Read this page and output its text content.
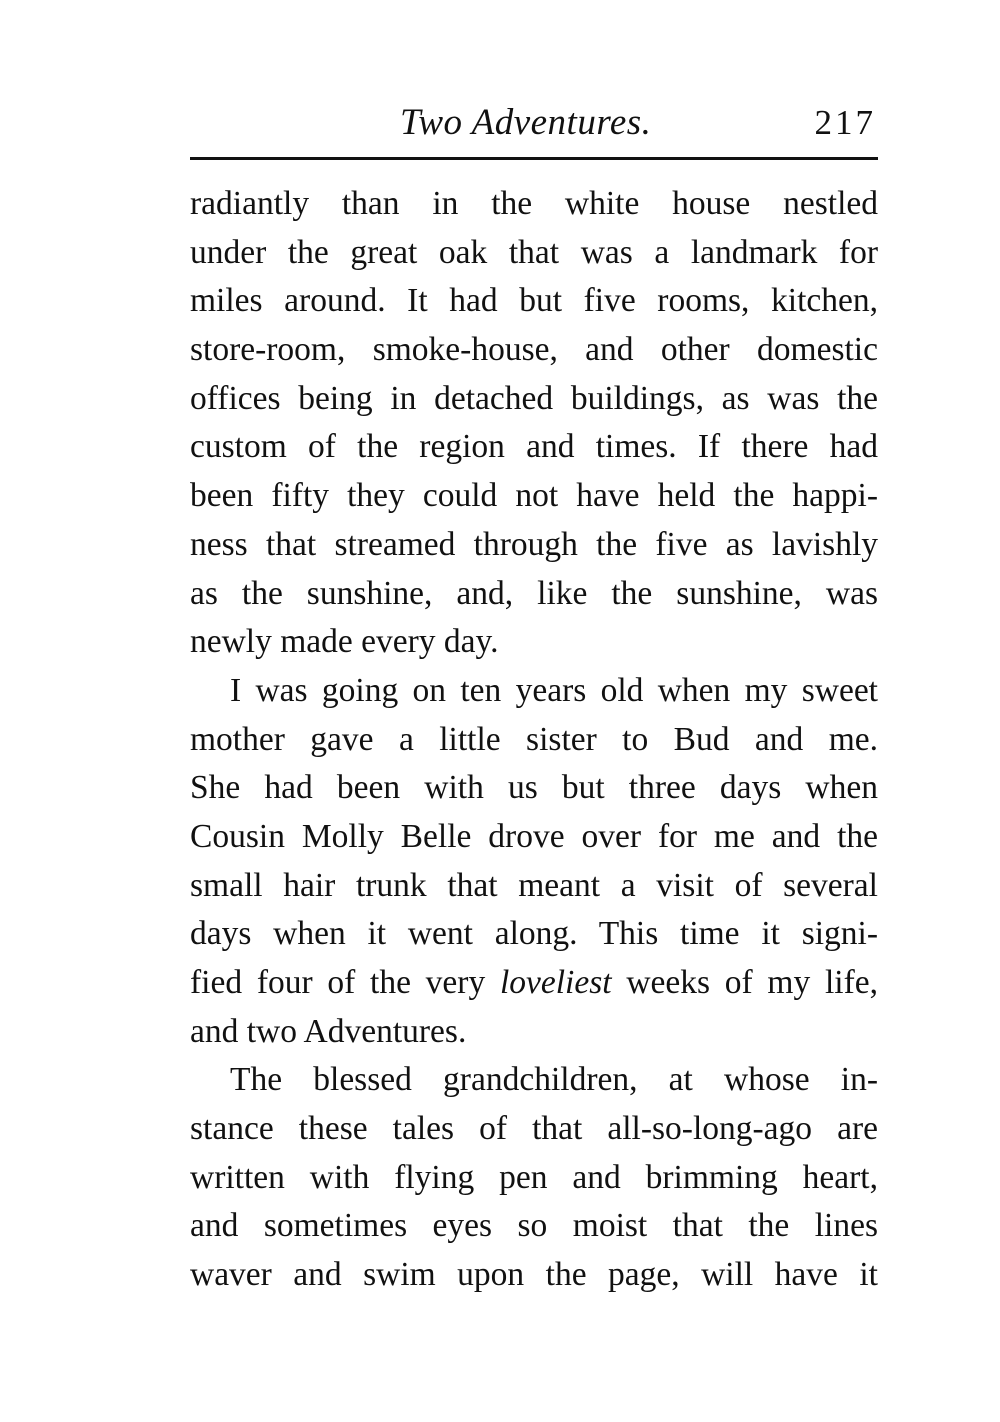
Two Adventures.	217
radiantly than in the white house nestled
under the great oak that was a landmark for
miles around. It had but five rooms, kitchen,
store-room, smoke-house, and other domestic
offices being in detached buildings, as was the
custom of the region and times. If there had
been fifty they could not have held the happi-
ness that streamed through the five as lavishly
as the sunshine, and, like the sunshine, was
newly made every day.
I was going on ten years old when my sweet
mother gave a little sister to Bud and me.
She had been with us but three days when
Cousin Molly Belle drove over for me and the
small hair trunk that meant a visit of several
days when it went along. This time it signi-
fied four of the very loveliest weeks of my life,
and two Adventures.
The blessed grandchildren, at whose in-
stance these tales of that all-so-long-ago are
written with flying pen and brimming heart,
and sometimes eyes so moist that the lines
waver and swim upon the page, will have it
